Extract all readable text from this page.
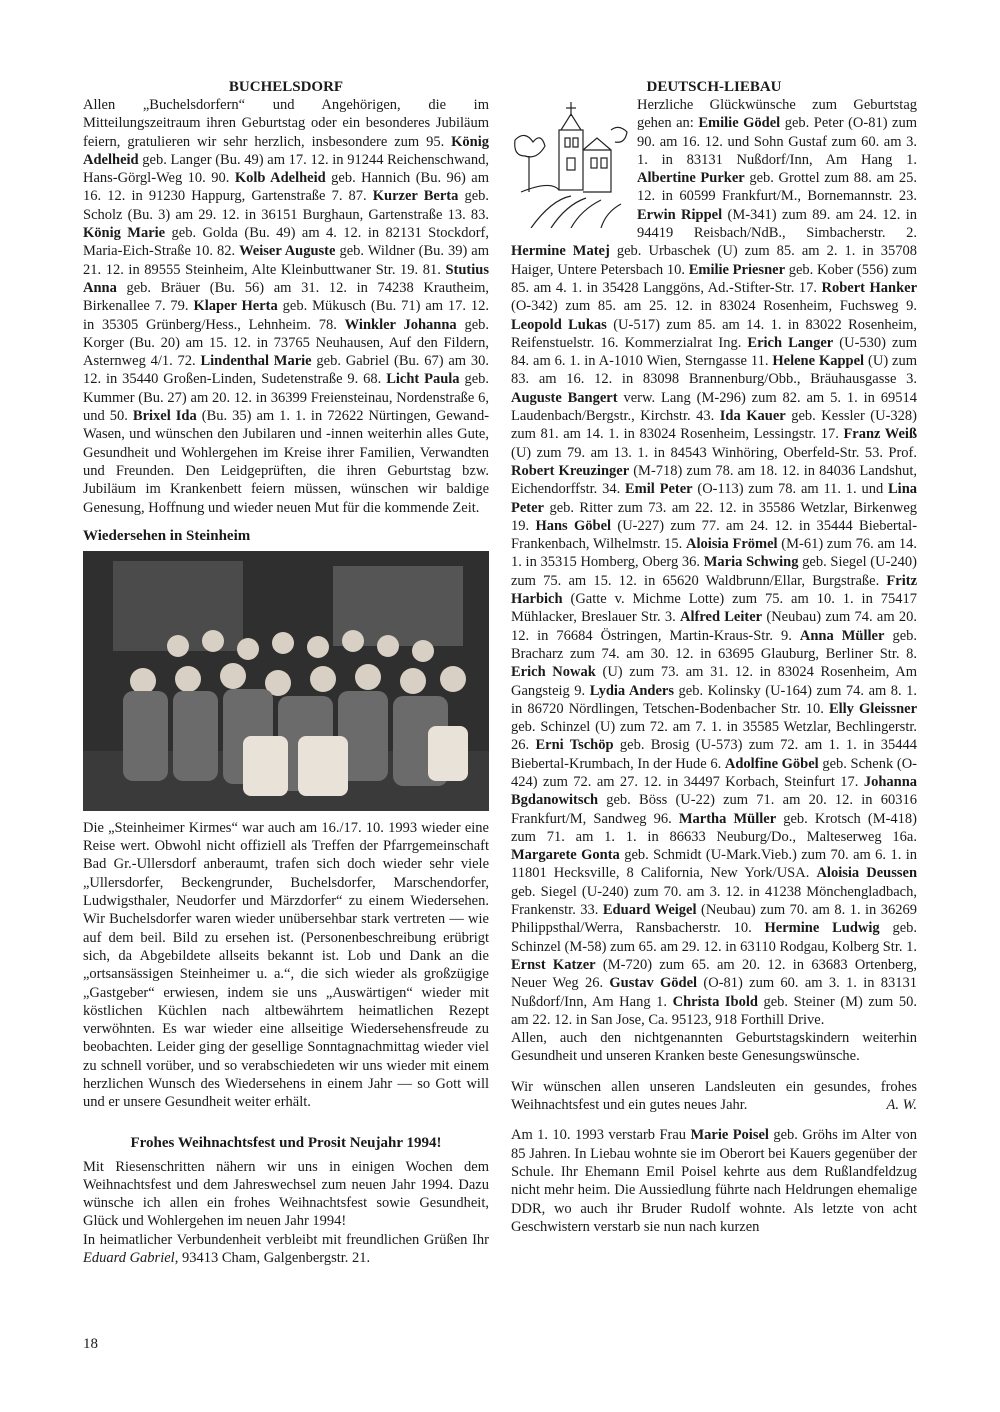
BUCHELSDORF

Allen „Buchelsdorfern“ und Angehörigen, die im Mitteilungszeitraum ihren Geburtstag oder ein besonderes Jubiläum feiern, gratulieren wir sehr herzlich, insbesondere zum 95. König Adelheid geb. Langer (Bu. 49) am 17. 12. in 91244 Reichenschwand, Hans-Görgl-Weg 10. 90. Kolb Adelheid geb. Hannich (Bu. 96) am 16. 12. in 91230 Happurg, Gartenstraße 7. 87. Kurzer Berta geb. Scholz (Bu. 3) am 29. 12. in 36151 Burghaun, Gartenstraße 13. 83. König Marie geb. Golda (Bu. 49) am 4. 12. in 82131 Stockdorf, Maria-Eich-Straße 10. 82. Weiser Auguste geb. Wildner (Bu. 39) am 21. 12. in 89555 Steinheim, Alte Kleinbuttwaner Str. 19. 81. Stutius Anna geb. Bräuer (Bu. 56) am 31. 12. in 74238 Krautheim, Birkenallee 7. 79. Klaper Herta geb. Mükusch (Bu. 71) am 17. 12. in 35305 Grünberg/Hess., Lehnheim. 78. Winkler Johanna geb. Korger (Bu. 20) am 15. 12. in 73765 Neuhausen, Auf den Fildern, Asternweg 4/1. 72. Lindenthal Marie geb. Gabriel (Bu. 67) am 30. 12. in 35440 Großen-Linden, Sudetenstraße 9. 68. Licht Paula geb. Kummer (Bu. 27) am 20. 12. in 36399 Freiensteinau, Nordenstraße 6, und 50. Brixel Ida (Bu. 35) am 1. 1. in 72622 Nürtingen, Gewand-Wasen, und wünschen den Jubilaren und -innen weiterhin alles Gute, Gesundheit und Wohlergehen im Kreise ihrer Familien, Verwandten und Freunden. Den Leidgeprüften, die ihren Geburtstag bzw. Jubiläum im Krankenbett feiern müssen, wünschen wir baldige Genesung, Hoffnung und wieder neuen Mut für die kommende Zeit.

Wiedersehen in Steinheim

Die „Steinheimer Kirmes“ war auch am 16./17. 10. 1993 wieder eine Reise wert. Obwohl nicht offiziell als Treffen der Pfarrgemeinschaft Bad Gr.-Ullersdorf anberaumt, trafen sich doch wieder sehr viele „Ullersdorfer, Beckengrunder, Buchelsdorfer, Marschendorfer, Ludwigsthaler, Neudorfer und Märzdorfer“ zu einem Wiedersehen. Wir Buchelsdorfer waren wieder unübersehbar stark vertreten — wie auf dem beil. Bild zu ersehen ist. (Personenbeschreibung erübrigt sich, da Abgebildete allseits bekannt ist. Lob und Dank an die „ortsansässigen Steinheimer u. a.“, die sich wieder als großzügige „Gastgeber“ erwiesen, indem sie uns „Auswärtigen“ wieder mit köstlichen Küchlen nach altbewährtem heimatlichen Rezept verwöhnten. Es war wieder eine allseitige Wiedersehensfreude zu beobachten. Leider ging der gesellige Sonntagnachmittag wieder viel zu schnell vorüber, und so verabschiedeten wir uns wieder mit einem herzlichen Wunsch des Wiedersehens in einem Jahr — so Gott will und er unsere Gesundheit weiter erhält.

Frohes Weihnachtsfest und Prosit Neujahr 1994!

Mit Riesenschritten nähern wir uns in einigen Wochen dem Weihnachtsfest und dem Jahreswechsel zum neuen Jahr 1994. Dazu wünsche ich allen ein frohes Weihnachtsfest sowie Gesundheit, Glück und Wohlergehen im neuen Jahr 1994!

In heimatlicher Verbundenheit verbleibt mit freundlichen Grüßen Ihr Eduard Gabriel, 93413 Cham, Galgenbergstr. 21.

DEUTSCH-LIEBAU

Herzliche Glückwünsche zum Geburtstag gehen an: Emilie Gödel geb. Peter (O-81) zum 90. am 16. 12. und Sohn Gustaf zum 60. am 3. 1. in 83131 Nußdorf/Inn, Am Hang 1. Albertine Purker geb. Grottel zum 88. am 25. 12. in 60599 Frankfurt/M., Bornemannstr. 23. Erwin Rippel (M-341) zum 89. am 24. 12. in 94419 Reisbach/NdB., Simbacherstr. 2. Hermine Matej geb. Urbaschek (U) zum 85. am 2. 1. in 35708 Haiger, Untere Petersbach 10. Emilie Priesner geb. Kober (556) zum 85. am 4. 1. in 35428 Langgöns, Ad.-Stifter-Str. 17. Robert Hanker (O-342) zum 85. am 25. 12. in 83024 Rosenheim, Fuchsweg 9. Leopold Lukas (U-517) zum 85. am 14. 1. in 83022 Rosenheim, Reifenstuelstr. 16. Kommerzialrat Ing. Erich Langer (U-530) zum 84. am 6. 1. in A-1010 Wien, Sterngasse 11. Helene Kappel (U) zum 83. am 16. 12. in 83098 Brannenburg/Obb., Bräuhausgasse 3. Auguste Bangert verw. Lang (M-296) zum 82. am 5. 1. in 69514 Laudenbach/Bergstr., Kirchstr. 43. Ida Kauer geb. Kessler (U-328) zum 81. am 14. 1. in 83024 Rosenheim, Lessingstr. 17. Franz Weiß (U) zum 79. am 13. 1. in 84543 Winhöring, Oberfeld-Str. 53. Prof. Robert Kreuzinger (M-718) zum 78. am 18. 12. in 84036 Landshut, Eichendorffstr. 34. Emil Peter (O-113) zum 78. am 11. 1. und Lina Peter geb. Ritter zum 73. am 22. 12. in 35586 Wetzlar, Birkenweg 19. Hans Göbel (U-227) zum 77. am 24. 12. in 35444 Biebertal-Frankenbach, Wilhelmstr. 15. Aloisia Frömel (M-61) zum 76. am 14. 1. in 35315 Homberg, Oberg 36. Maria Schwing geb. Siegel (U-240) zum 75. am 15. 12. in 65620 Waldbrunn/Ellar, Burgstraße. Fritz Harbich (Gatte v. Michme Lotte) zum 75. am 10. 1. in 75417 Mühlacker, Breslauer Str. 3. Alfred Leiter (Neubau) zum 74. am 20. 12. in 76684 Östringen, Martin-Kraus-Str. 9. Anna Müller geb. Bracharz zum 74. am 30. 12. in 63695 Glauburg, Berliner Str. 8. Erich Nowak (U) zum 73. am 31. 12. in 83024 Rosenheim, Am Gangsteig 9. Lydia Anders geb. Kolinsky (U-164) zum 74. am 8. 1. in 86720 Nördlingen, Tetschen-Bodenbacher Str. 10. Elly Gleissner geb. Schinzel (U) zum 72. am 7. 1. in 35585 Wetzlar, Bechlingerstr. 26. Erni Tschöp geb. Brosig (U-573) zum 72. am 1. 1. in 35444 Biebertal-Krumbach, In der Hude 6. Adolfine Göbel geb. Schenk (O-424) zum 72. am 27. 12. in 34497 Korbach, Steinfurt 17. Johanna Bgdanowitsch geb. Böss (U-22) zum 71. am 20. 12. in 60316 Frankfurt/M, Sandweg 96. Martha Müller geb. Krotsch (M-418) zum 71. am 1. 1. in 86633 Neuburg/Do., Malteserweg 16a. Margarete Gonta geb. Schmidt (U-Mark.Vieb.) zum 70. am 6. 1. in 11801 Hecksville, 8 California, New York/USA. Aloisia Deussen geb. Siegel (U-240) zum 70. am 3. 12. in 41238 Mönchengladbach, Frankenstr. 33. Eduard Weigel (Neubau) zum 70. am 8. 1. in 36269 Philippsthal/Werra, Ransbacherstr. 10. Hermine Ludwig geb. Schinzel (M-58) zum 65. am 29. 12. in 63110 Rodgau, Kolberg Str. 1. Ernst Katzer (M-720) zum 65. am 20. 12. in 63683 Ortenberg, Neuer Weg 26. Gustav Gödel (O-81) zum 60. am 3. 1. in 83131 Nußdorf/Inn, Am Hang 1. Christa Ibold geb. Steiner (M) zum 50. am 22. 12. in San Jose, Ca. 95123, 918 Forthill Drive.

Allen, auch den nichtgenannten Geburtstagskindern weiterhin Gesundheit und unseren Kranken beste Genesungswünsche.

Wir wünschen allen unseren Landsleuten ein gesundes, frohes Weihnachtsfest und ein gutes neues Jahr.	A. W.

Am 1. 10. 1993 verstarb Frau Marie Poisel geb. Gröhs im Alter von 85 Jahren. In Liebau wohnte sie im Oberort bei Kauers gegenüber der Schule. Ihr Ehemann Emil Poisel kehrte aus dem Rußlandfeldzug nicht mehr heim. Die Aussiedlung führte nach Heldrungen ehemalige DDR, wo auch ihr Bruder Rudolf wohnte. Als letzte von acht Geschwistern verstarb sie nun nach kurzen

18
